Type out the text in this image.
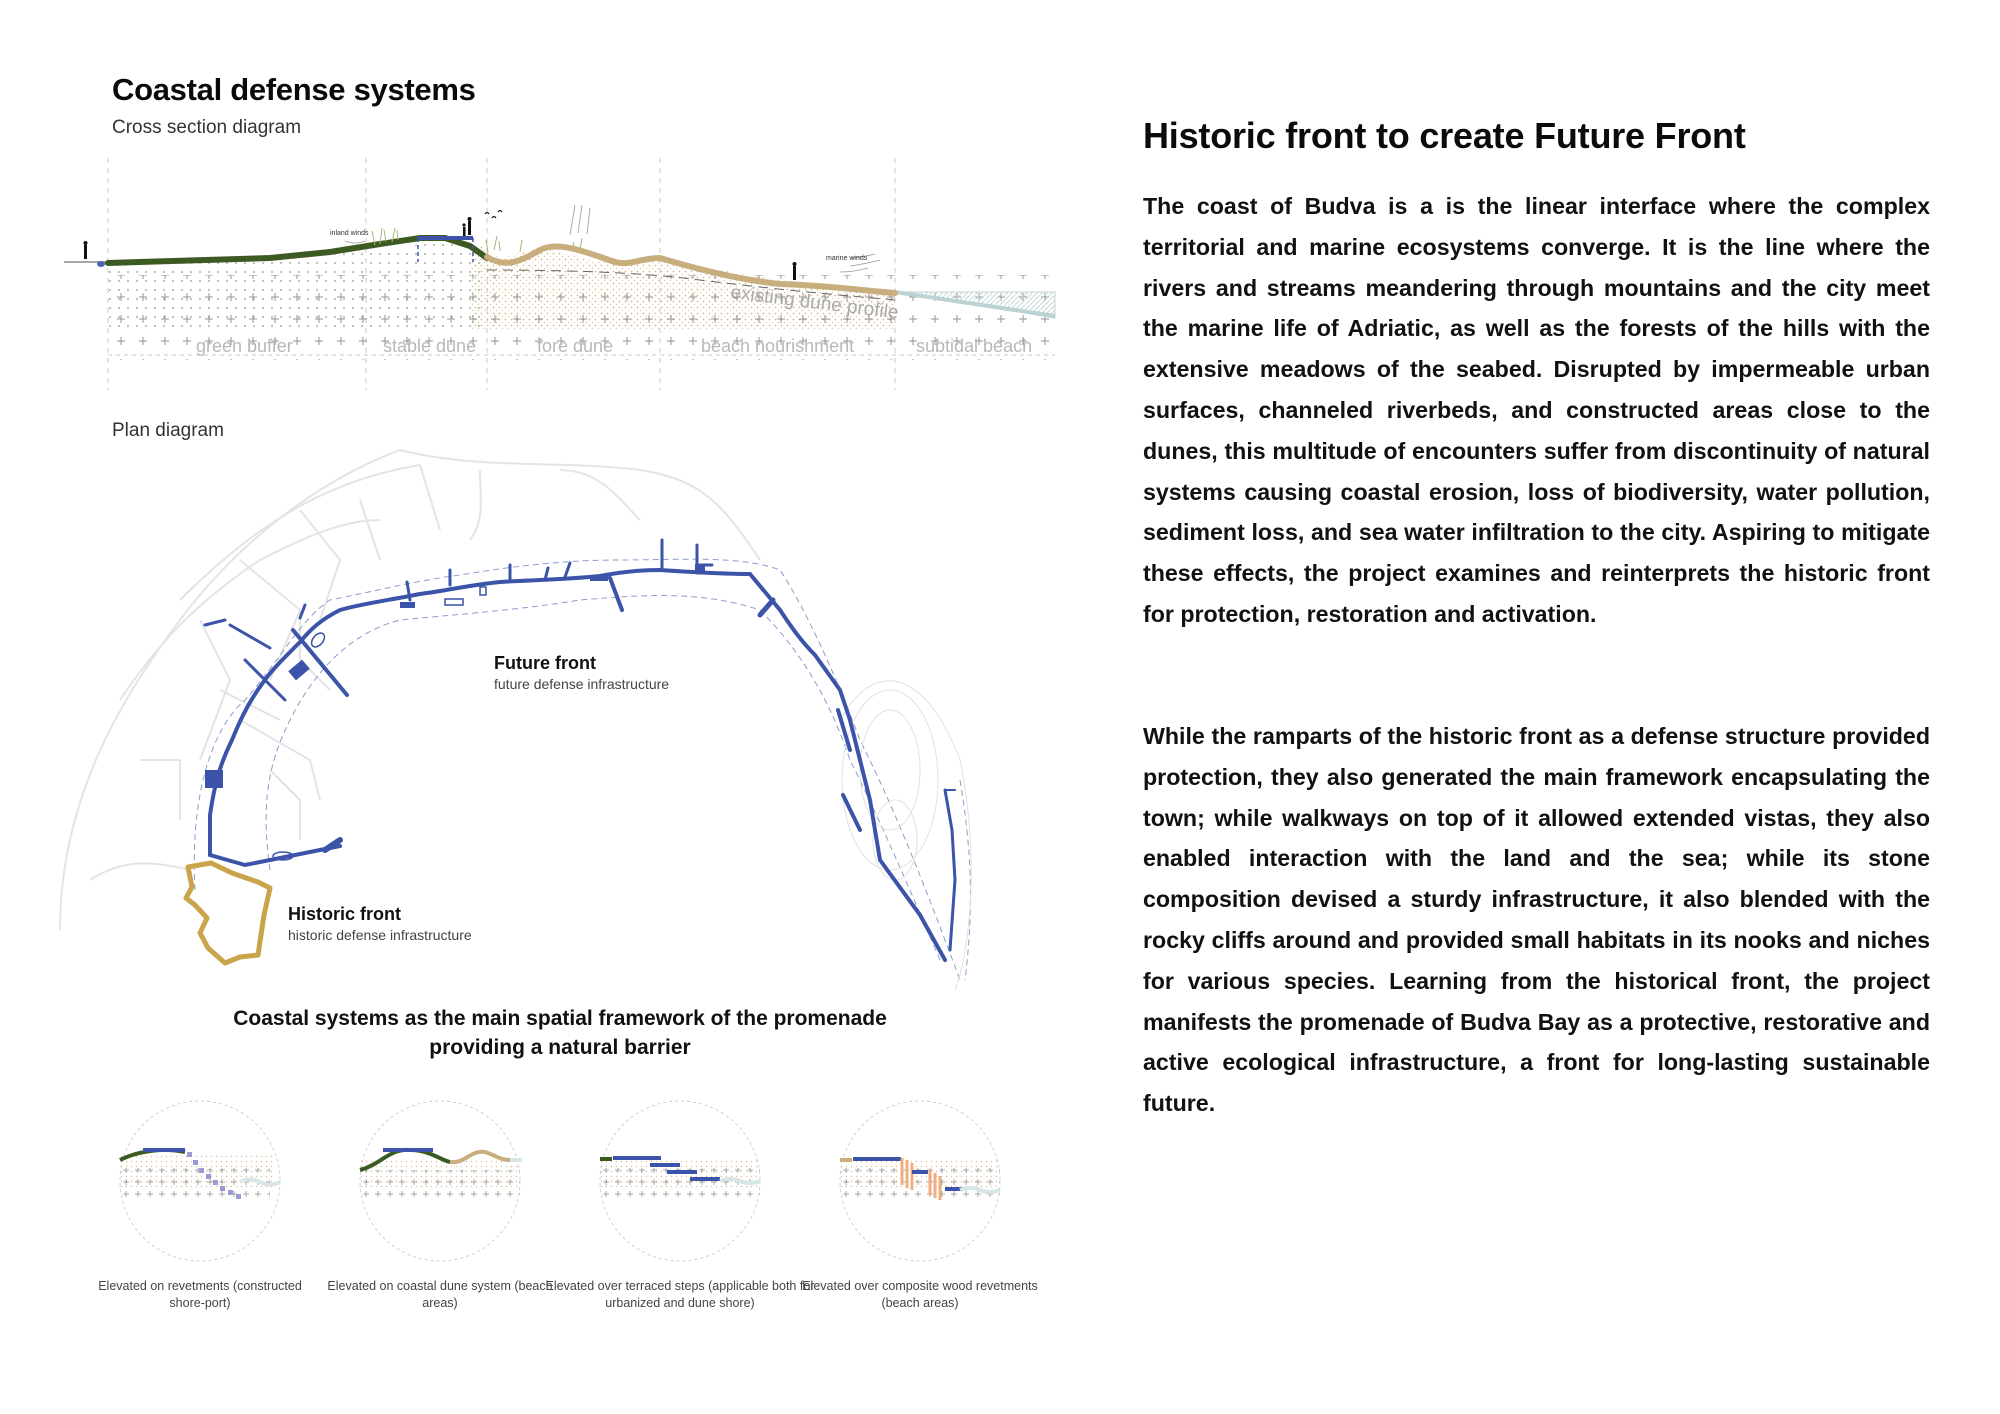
Coastal defense systems
Cross section diagram
inland winds
marine winds
existing dune profile
green buffer	stable dune	fore dune	beach nourishment	subtidal beach
Plan diagram
Future front
future defense infrastructure
Historic front
historic defense infrastructure
Coastal systems as the main spatial framework of the promenade providing a natural barrier
Elevated on revetments (constructed shore-port)
Elevated on coastal dune system (beach areas)
Elevated over terraced steps (applicable both for urbanized and dune shore)
Elevated over composite wood revetments (beach areas)
Historic front to create Future Front
The coast of Budva is a is the linear interface where the complex territorial and marine ecosystems converge. It is the line where the rivers and streams meandering through mountains and the city meet the marine life of Adriatic, as well as the forests of the hills with the extensive meadows of the seabed. Disrupted by impermeable urban surfaces, channeled riverbeds, and constructed areas close to the dunes, this multitude of encounters suffer from discontinuity of natural systems causing coastal erosion, loss of biodiversity, water pollution, sediment loss, and sea water infiltration to the city. Aspiring to mitigate these effects, the project examines and reinterprets the historic front for protection, restoration and activation.
While the ramparts of the historic front as a defense structure provided protection, they also generated the main framework encapsulating the town; while walkways on top of it allowed extended vistas, they also enabled interaction with the land and the sea; while its stone composition devised a sturdy infrastructure, it also blended with the rocky cliffs around and provided small habitats in its nooks and niches for various species. Learning from the historical front, the project manifests the promenade of Budva Bay as a protective, restorative and active ecological infrastructure, a front for long-lasting sustainable future.
